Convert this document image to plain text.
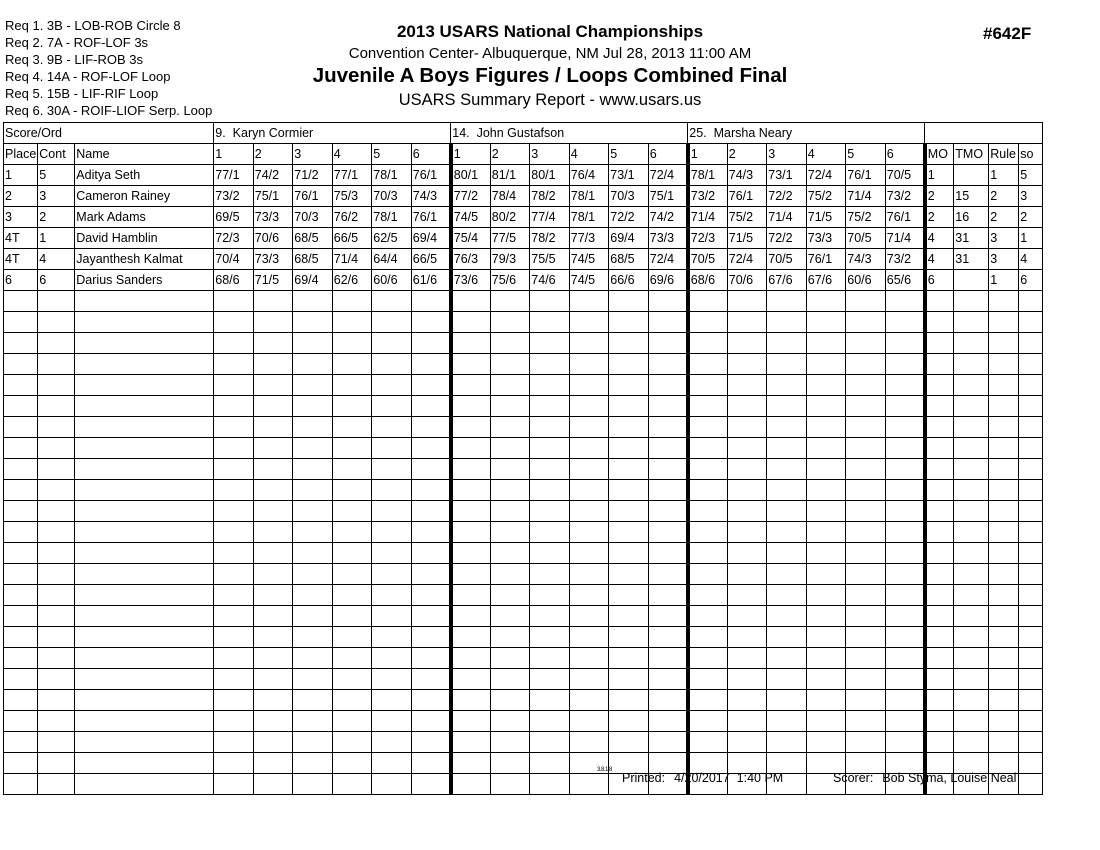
Req 1. 3B - LOB-ROB Circle 8
Req 2. 7A - ROF-LOF 3s
Req 3. 9B - LIF-ROB 3s
Req 4. 14A - ROF-LOF Loop
Req 5. 15B - LIF-RIF Loop
Req 6. 30A - ROIF-LIOF Serp. Loop
2013 USARS National Championships
Convention Center- Albuquerque, NM Jul 28, 2013 11:00 AM
Juvenile A Boys Figures / Loops Combined Final
USARS Summary Report - www.usars.us
#642F
Score/Ord			9.  Karyn Cormier						14.  John Gustafson						25.  Marsha Neary									
Place	Cont	Name	1	2	3	4	5	6	1	2	3	4	5	6	1	2	3	4	5	6	MO	TMO	Rule	so
1	5	Aditya Seth	77/1	74/2	71/2	77/1	78/1	76/1	80/1	81/1	80/1	76/4	73/1	72/4	78/1	74/3	73/1	72/4	76/1	70/5	1		1	5
2	3	Cameron Rainey	73/2	75/1	76/1	75/3	70/3	74/3	77/2	78/4	78/2	78/1	70/3	75/1	73/2	76/1	72/2	75/2	71/4	73/2	2	15	2	3
3	2	Mark Adams	69/5	73/3	70/3	76/2	78/1	76/1	74/5	80/2	77/4	78/1	72/2	74/2	71/4	75/2	71/4	71/5	75/2	76/1	2	16	2	2
4T	1	David Hamblin	72/3	70/6	68/5	66/5	62/5	69/4	75/4	77/5	78/2	77/3	69/4	73/3	72/3	71/5	72/2	73/3	70/5	71/4	4	31	3	1
4T	4	Jayanthesh Kalmat	70/4	73/3	68/5	71/4	64/4	66/5	76/3	79/3	75/5	74/5	68/5	72/4	70/5	72/4	70/5	76/1	74/3	73/2	4	31	3	4
6	6	Darius Sanders	68/6	71/5	69/4	62/6	60/6	61/6	73/6	75/6	74/6	74/5	66/6	69/6	68/6	70/6	67/6	67/6	60/6	65/6	6		1	6

3.8.1.8
Printed: 4/20/2017  1:40 PM	Scorer: Bob Styma, Louise Neal
